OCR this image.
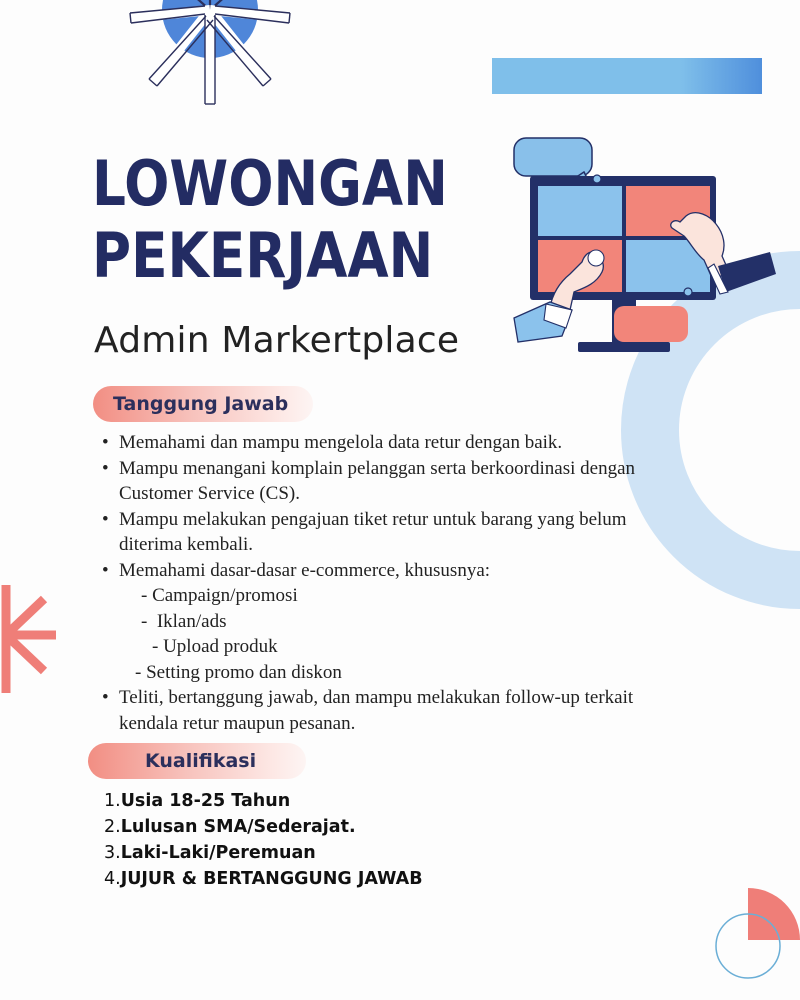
LOWONGAN
PEKERJAAN
Admin Markertplace
Tanggung Jawab
• Memahami dan mampu mengelola data retur dengan baik.
• Mampu menangani komplain pelanggan serta berkoordinasi dengan Customer Service (CS).
• Mampu melakukan pengajuan tiket retur untuk barang yang belum diterima kembali.
• Memahami dasar-dasar e-commerce, khususnya:
- Campaign/promosi
-  Iklan/ads
- Upload produk
- Setting promo dan diskon
• Teliti, bertanggung jawab, dan mampu melakukan follow-up terkait kendala retur maupun pesanan.
Kualifikasi
1.Usia 18-25 Tahun
2.Lulusan SMA/Sederajat.
3.Laki-Laki/Peremuan
4.JUJUR & BERTANGGUNG JAWAB
